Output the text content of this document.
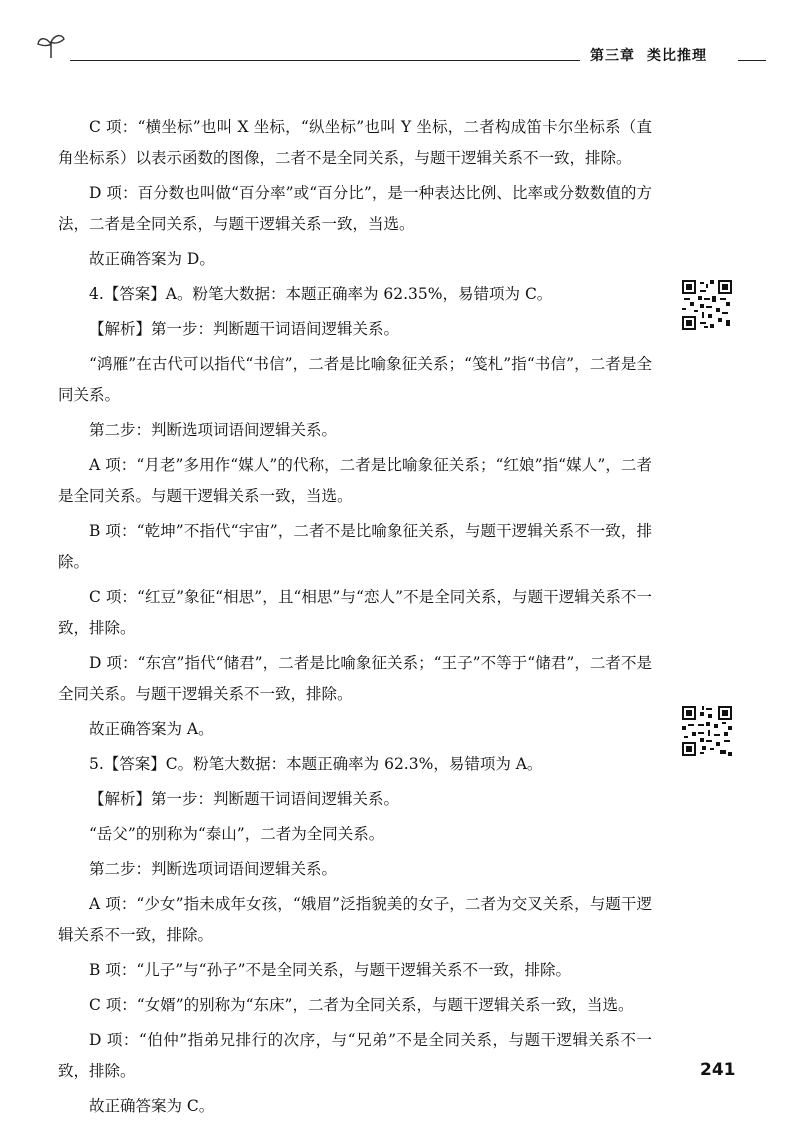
第三章 类比推理

C 项：“横坐标”也叫 X 坐标，“纵坐标”也叫 Y 坐标，二者构成笛卡尔坐标系（直角坐标系）以表示函数的图像，二者不是全同关系，与题干逻辑关系不一致，排除。

D 项：百分数也叫做“百分率”或“百分比”，是一种表达比例、比率或分数数值的方法，二者是全同关系，与题干逻辑关系一致，当选。

故正确答案为 D。

4.【答案】A。粉笔大数据：本题正确率为 62.35%，易错项为 C。

【解析】第一步：判断题干词语间逻辑关系。

“鸿雁”在古代可以指代“书信”，二者是比喻象征关系；“笺札”指“书信”，二者是全同关系。

第二步：判断选项词语间逻辑关系。

A 项：“月老”多用作“媒人”的代称，二者是比喻象征关系；“红娘”指“媒人”，二者是全同关系。与题干逻辑关系一致，当选。

B 项：“乾坤”不指代“宇宙”，二者不是比喻象征关系，与题干逻辑关系不一致，排除。

C 项：“红豆”象征“相思”，且“相思”与“恋人”不是全同关系，与题干逻辑关系不一致，排除。

D 项：“东宫”指代“储君”，二者是比喻象征关系；“王子”不等于“储君”，二者不是全同关系。与题干逻辑关系不一致，排除。

故正确答案为 A。

5.【答案】C。粉笔大数据：本题正确率为 62.3%，易错项为 A。

【解析】第一步：判断题干词语间逻辑关系。

“岳父”的别称为“泰山”，二者为全同关系。

第二步：判断选项词语间逻辑关系。

A 项：“少女”指未成年女孩，“娥眉”泛指貌美的女子，二者为交叉关系，与题干逻辑关系不一致，排除。

B 项：“儿子”与“孙子”不是全同关系，与题干逻辑关系不一致，排除。

C 项：“女婿”的别称为“东床”，二者为全同关系，与题干逻辑关系一致，当选。

D 项：“伯仲”指弟兄排行的次序，与“兄弟”不是全同关系，与题干逻辑关系不一致，排除。

故正确答案为 C。

241
